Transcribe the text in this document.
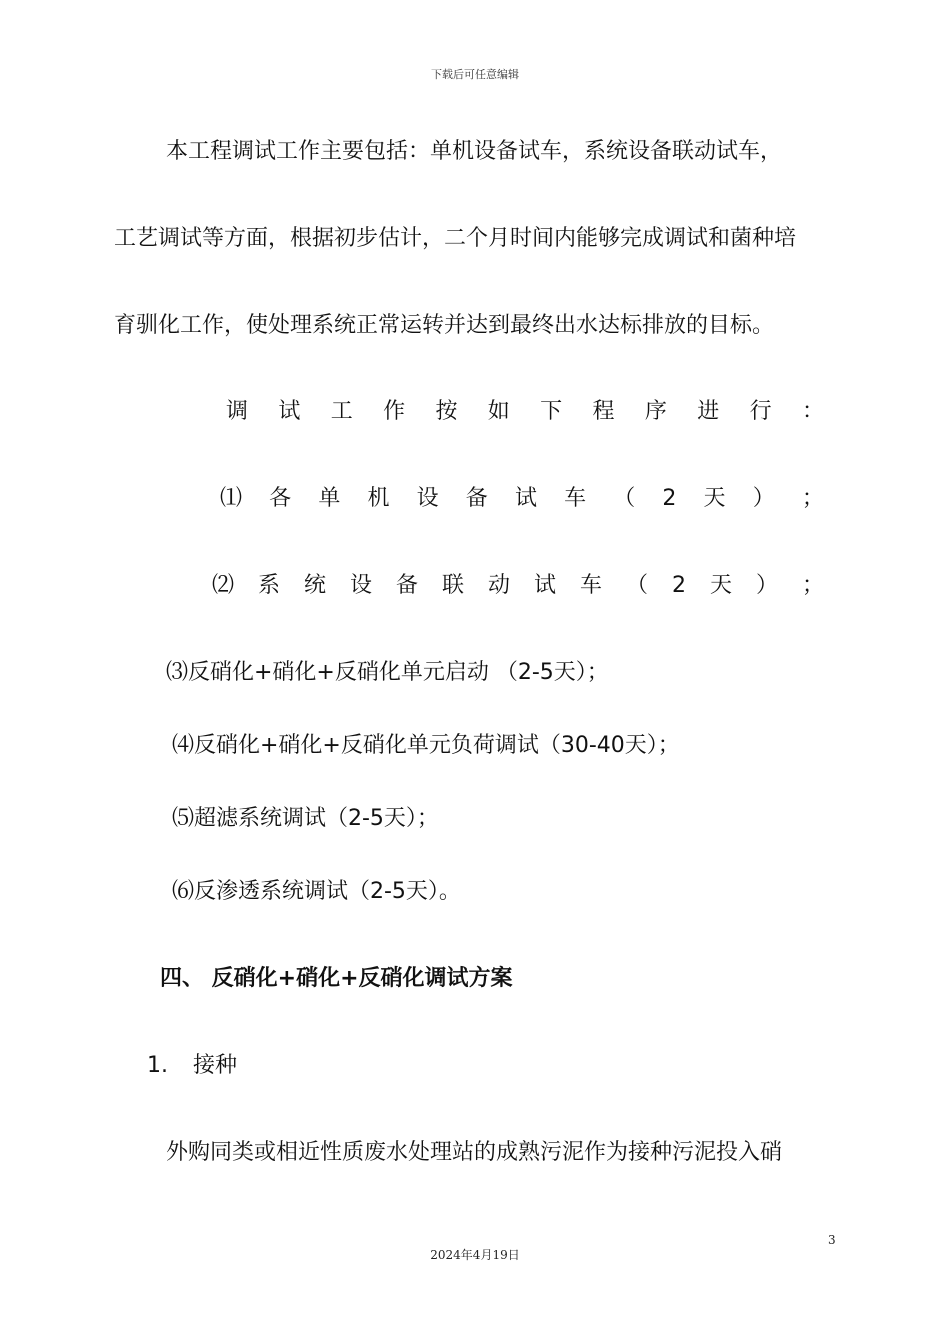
下载后可任意编辑
本工程调试工作主要包括：单机设备试车，系统设备联动试车，
工艺调试等方面，根据初步估计，二个月时间内能够完成调试和菌种培
育驯化工作，使处理系统正常运转并达到最终出水达标排放的目标。
调 试 工 作 按 如 下 程 序 进 行 ：
⑴ 各 单 机 设 备 试 车 （ 2 天 ） ；
⑵ 系 统 设 备 联 动 试 车 （ 2 天 ） ；
⑶反硝化+硝化+反硝化单元启动 （2-5天）；
⑷反硝化+硝化+反硝化单元负荷调试（30-40天）；
⑸超滤系统调试（2-5天）；
⑹反渗透系统调试（2-5天）。
四、 反硝化+硝化+反硝化调试方案
1. 接种
外购同类或相近性质废水处理站的成熟污泥作为接种污泥投入硝
3
2024年4月19日
